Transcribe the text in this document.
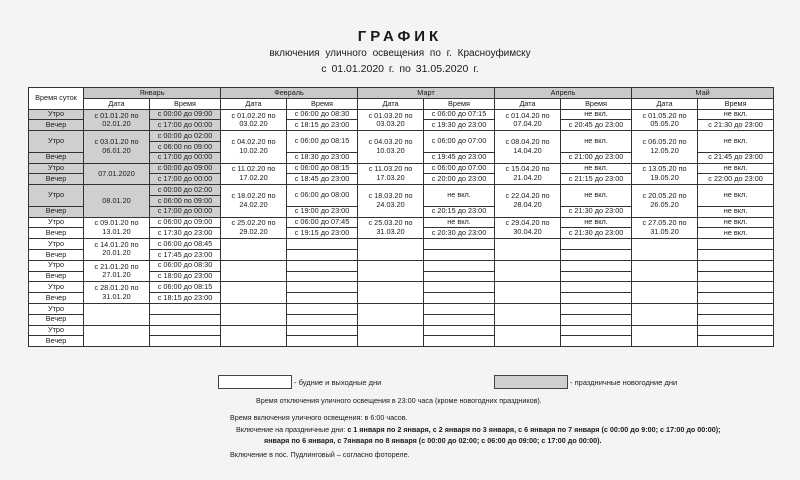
ГРАФИК
включения уличного освещения по г. Красноуфимску
с 01.01.2020 г. по 31.05.2020 г.
Время суток	Январь		Февраль		Март		Апрель		Май	
	Дата	Время	Дата	Время	Дата	Время	Дата	Время	Дата	Время
Утро	с 01.01.20 по 02.01.20	с 00:00 до 09:00	с 01.02.20 по 03.02.20	с 06:00 до 08:30	с 01.03.20 по 03.03.20	с 06:00 до 07:15	с 01.04.20 по 07.04.20	не вкл.	с 01.05.20 по 05.05.20	не вкл.
Вечер		с 17:00 до 00:00		с 18:15 до 23:00		с 19:30 до 23:00		с 20:45 до 23:00		с 21:30 до 23:00
Утро	с 03.01.20 по 06.01.20	с 00:00 до 02:00	с 04.02.20 по 10.02.20	с 06:00 до 08:15	с 04.03.20 по 10.03.20	с 06:00 до 07:00	с 08.04.20 по 14.04.20	не вкл.	с 06.05.20 по 12.05.20	не вкл.
		с 06:00 по 09:00								
Вечер		с 17:00 до 00:00		с 18:30 до 23:00		с 19:45 до 23:00		с 21:00 до 23:00		с 21:45 до 23:00
Утро	07.01.2020	с 00:00 до 09:00	с 11.02.20 по 17.02.20	с 06:00 до 08:15	с 11.03.20 по 17.03.20	с 06:00 до 07:00	с 15.04.20 по 21.04.20	не вкл.	с 13.05.20 по 19.05.20	не вкл.
Вечер		с 17:00 до 00:00		с 18:45 до 23:00		с 20:00 до 23:00		с 21:15 до 23:00		с 22:00 до 23:00
Утро	08.01.20	с 00:00 до 02:00	с 18.02.20 по 24.02.20	с 06:00 до 08:00	с 18.03.20 по 24.03.20	не вкл.	с 22.04.20 по 28.04.20	не вкл.	с 20.05.20 по 26.05.20	не вкл.
		с 06:00 по 09:00								
Вечер		с 17:00 до 00:00		с 19:00 до 23:00		с 20:15 до 23:00		с 21:30 до 23:00		не вкл.
Утро	с 09.01.20 по 13.01.20	с 06:00 до 09:00	с 25.02.20 по 29.02.20	с 06:00 до 07:45	с 25.03.20 по 31.03.20	не вкл.	с 29.04.20 по 30.04.20	не вкл.	с 27.05.20 по 31.05.20	не вкл.
Вечер		с 17:30 до 23:00		с 19:15 до 23:00		с 20:30 до 23:00		с 21:30 до 23:00		не вкл.
Утро	с 14.01.20 по 20.01.20	с 06:00 до 08:45								
Вечер		с 17:45 до 23:00								
Утро	с 21.01.20 по 27.01.20	с 06:00 до 08:30								
Вечер		с 18:00 до 23:00								
Утро	с 28.01.20 по 31.01.20	с 06:00 до 08:15								
Вечер		с 18:15 до 23:00								
Утро										
Вечер										
Утро										
Вечер										
- будние и выходные дни	- праздничные новогодние дни
Время отключения уличного освещения в 23:00 часа (кроме новогодних праздников).
Время включения уличного освещения: в 6:00 часов.
Включение на праздничные дни: с 1 января по 2 января, с 2 января по 3 января, с 6 января по 7 января (с 00:00 до 9:00; с 17:00 до 00:00);
января по 6 января, с 7января по 8 января (с 00:00 до 02:00; с 06:00 до 09:00; с 17:00 до 00:00).
Включение в пос. Пудлинговый – согласно фотореле.
